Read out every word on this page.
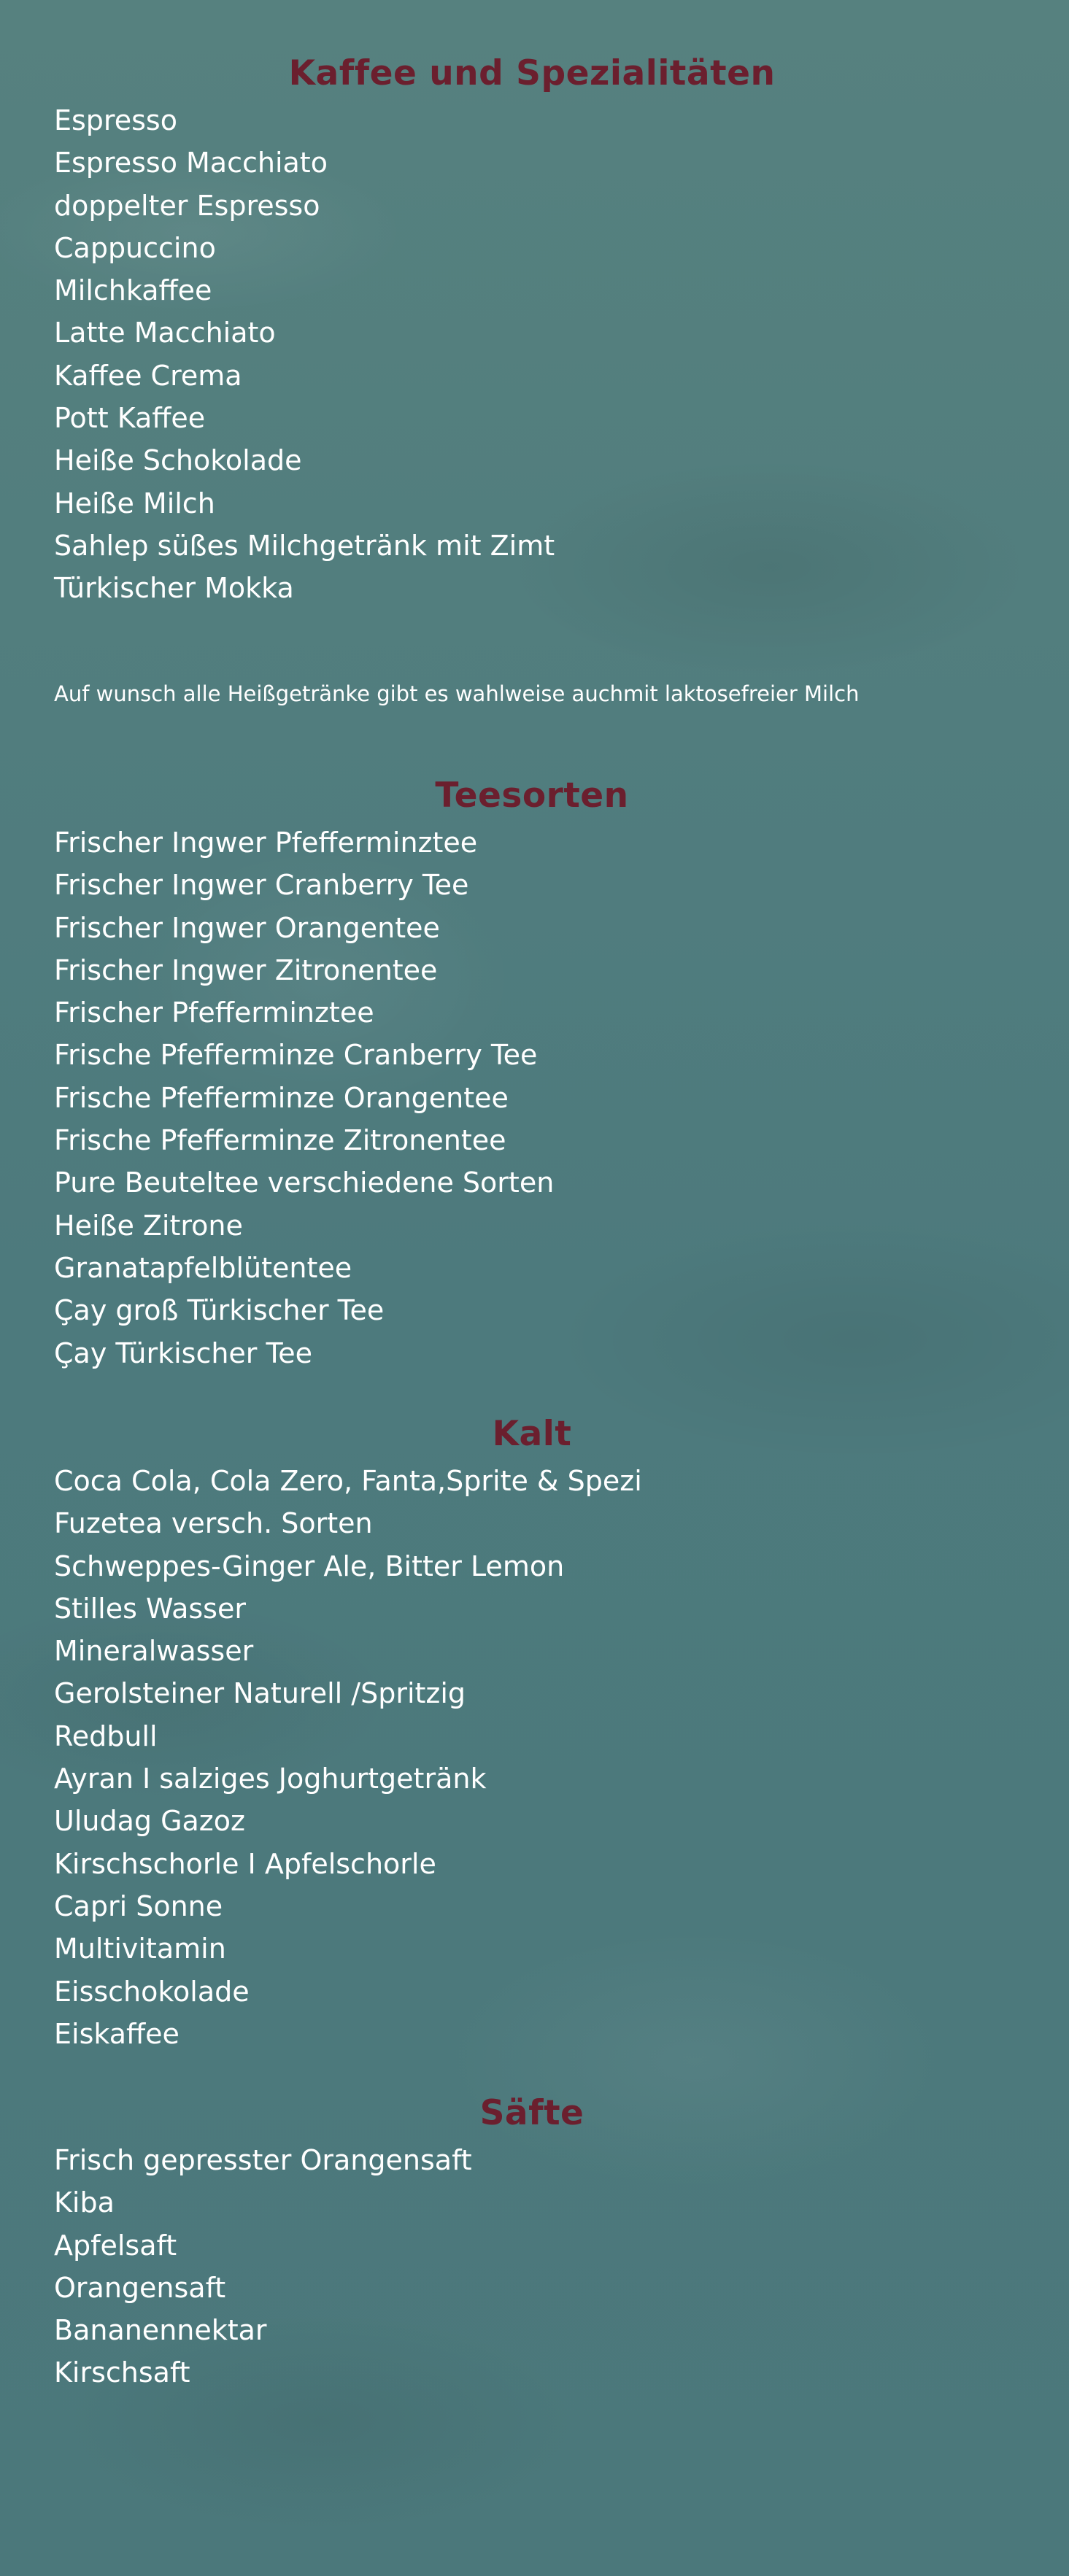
Kaffee und Spezialitäten
Espresso
Espresso Macchiato
doppelter Espresso
Cappuccino
Milchkaffee
Latte Macchiato
Kaffee Crema
Pott Kaffee
Heiße Schokolade
Heiße Milch
Sahlep süßes Milchgetränk mit Zimt
Türkischer Mokka

Auf wunsch alle Heißgetränke gibt es wahlweise auchmit laktosefreier Milch

Teesorten
Frischer Ingwer Pfefferminztee
Frischer Ingwer Cranberry Tee
Frischer Ingwer Orangentee
Frischer Ingwer Zitronentee
Frischer Pfefferminztee
Frische Pfefferminze Cranberry Tee
Frische Pfefferminze Orangentee
Frische Pfefferminze Zitronentee
Pure Beuteltee verschiedene Sorten
Heiße Zitrone
Granatapfelblütentee
Çay groß Türkischer Tee
Çay Türkischer Tee
Kalt
Coca Cola, Cola Zero, Fanta,Sprite & Spezi
Fuzetea versch. Sorten
Schweppes-Ginger Ale, Bitter Lemon
Stilles Wasser
Mineralwasser
Gerolsteiner Naturell /Spritzig
Redbull
Ayran I salziges Joghurtgetränk
Uludag Gazoz
Kirschschorle I Apfelschorle
Capri Sonne
Multivitamin
Eisschokolade
Eiskaffee
Säfte
Frisch gepresster Orangensaft
Kiba
Apfelsaft
Orangensaft
Bananennektar
Kirschsaft
